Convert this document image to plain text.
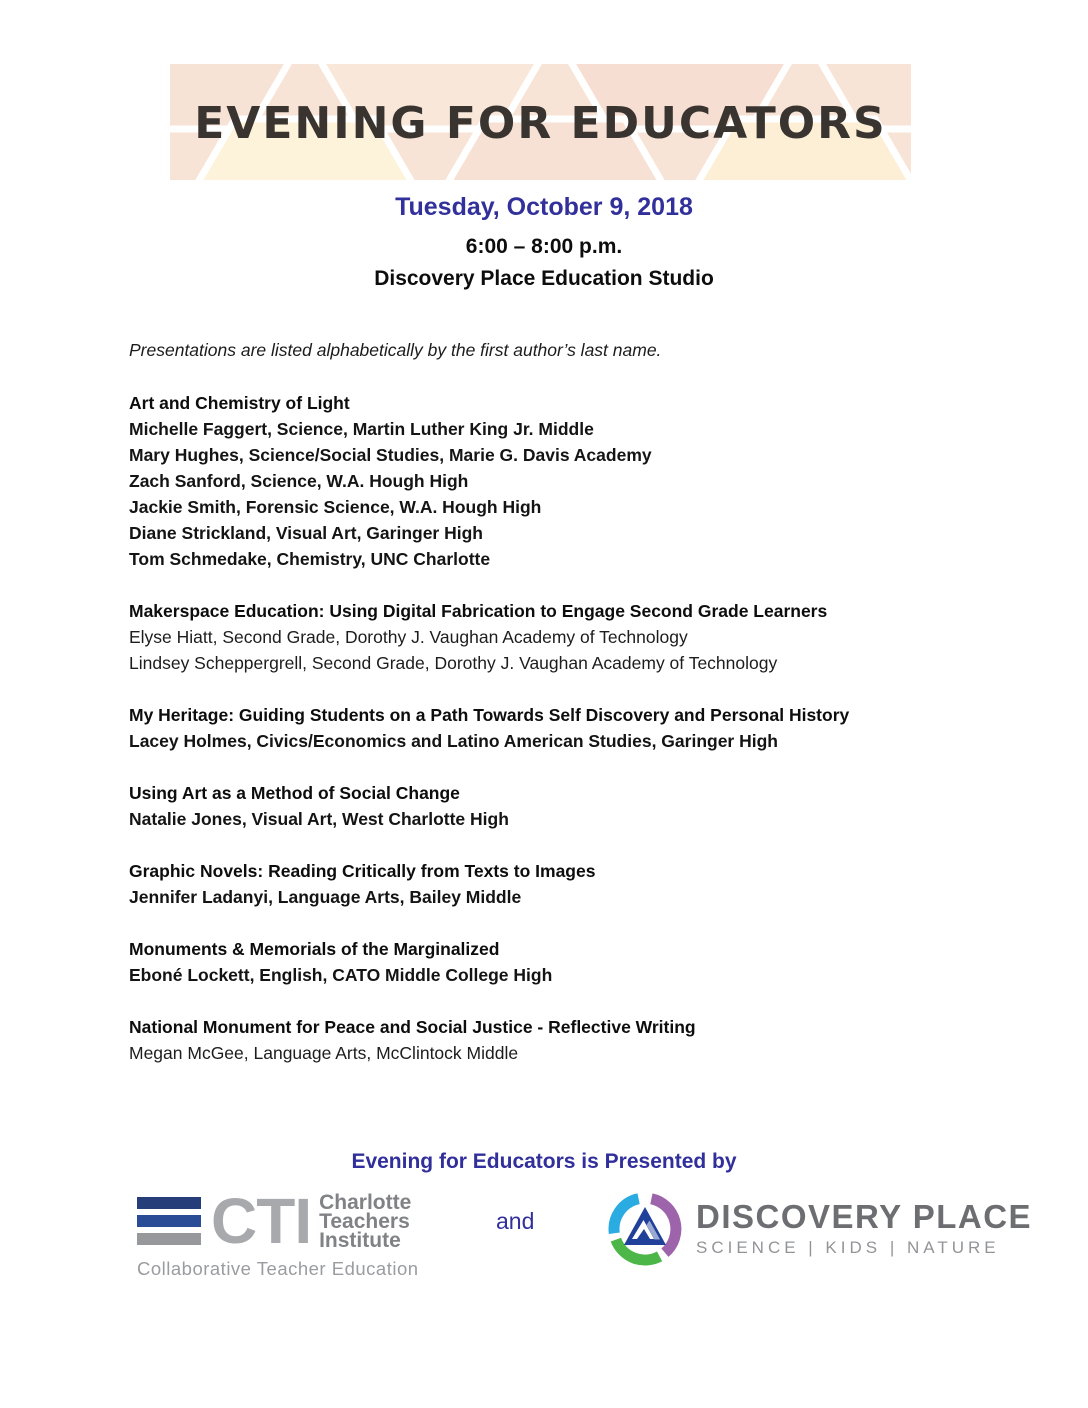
EVENING FOR EDUCATORS
Tuesday, October 9, 2018
6:00 – 8:00 p.m.
Discovery Place Education Studio
Presentations are listed alphabetically by the first author’s last name.
Art and Chemistry of Light
Michelle Faggert, Science, Martin Luther King Jr. Middle
Mary Hughes, Science/Social Studies, Marie G. Davis Academy
Zach Sanford, Science, W.A. Hough High
Jackie Smith, Forensic Science, W.A. Hough High
Diane Strickland, Visual Art, Garinger High
Tom Schmedake, Chemistry, UNC Charlotte
Makerspace Education: Using Digital Fabrication to Engage Second Grade Learners
Elyse Hiatt, Second Grade, Dorothy J. Vaughan Academy of Technology
Lindsey Scheppergrell, Second Grade, Dorothy J. Vaughan Academy of Technology
My Heritage: Guiding Students on a Path Towards Self Discovery and Personal History
Lacey Holmes, Civics/Economics and Latino American Studies, Garinger High
Using Art as a Method of Social Change
Natalie Jones, Visual Art, West Charlotte High
Graphic Novels: Reading Critically from Texts to Images
Jennifer Ladanyi, Language Arts, Bailey Middle
Monuments & Memorials of the Marginalized
Eboné Lockett, English, CATO Middle College High
National Monument for Peace and Social Justice - Reflective Writing
Megan McGee, Language Arts, McClintock Middle
Evening for Educators is Presented by
CTI Charlotte
Teachers
Institute
Collaborative Teacher Education
and	DISCOVERY PLACE
SCIENCE | KIDS | NATURE
